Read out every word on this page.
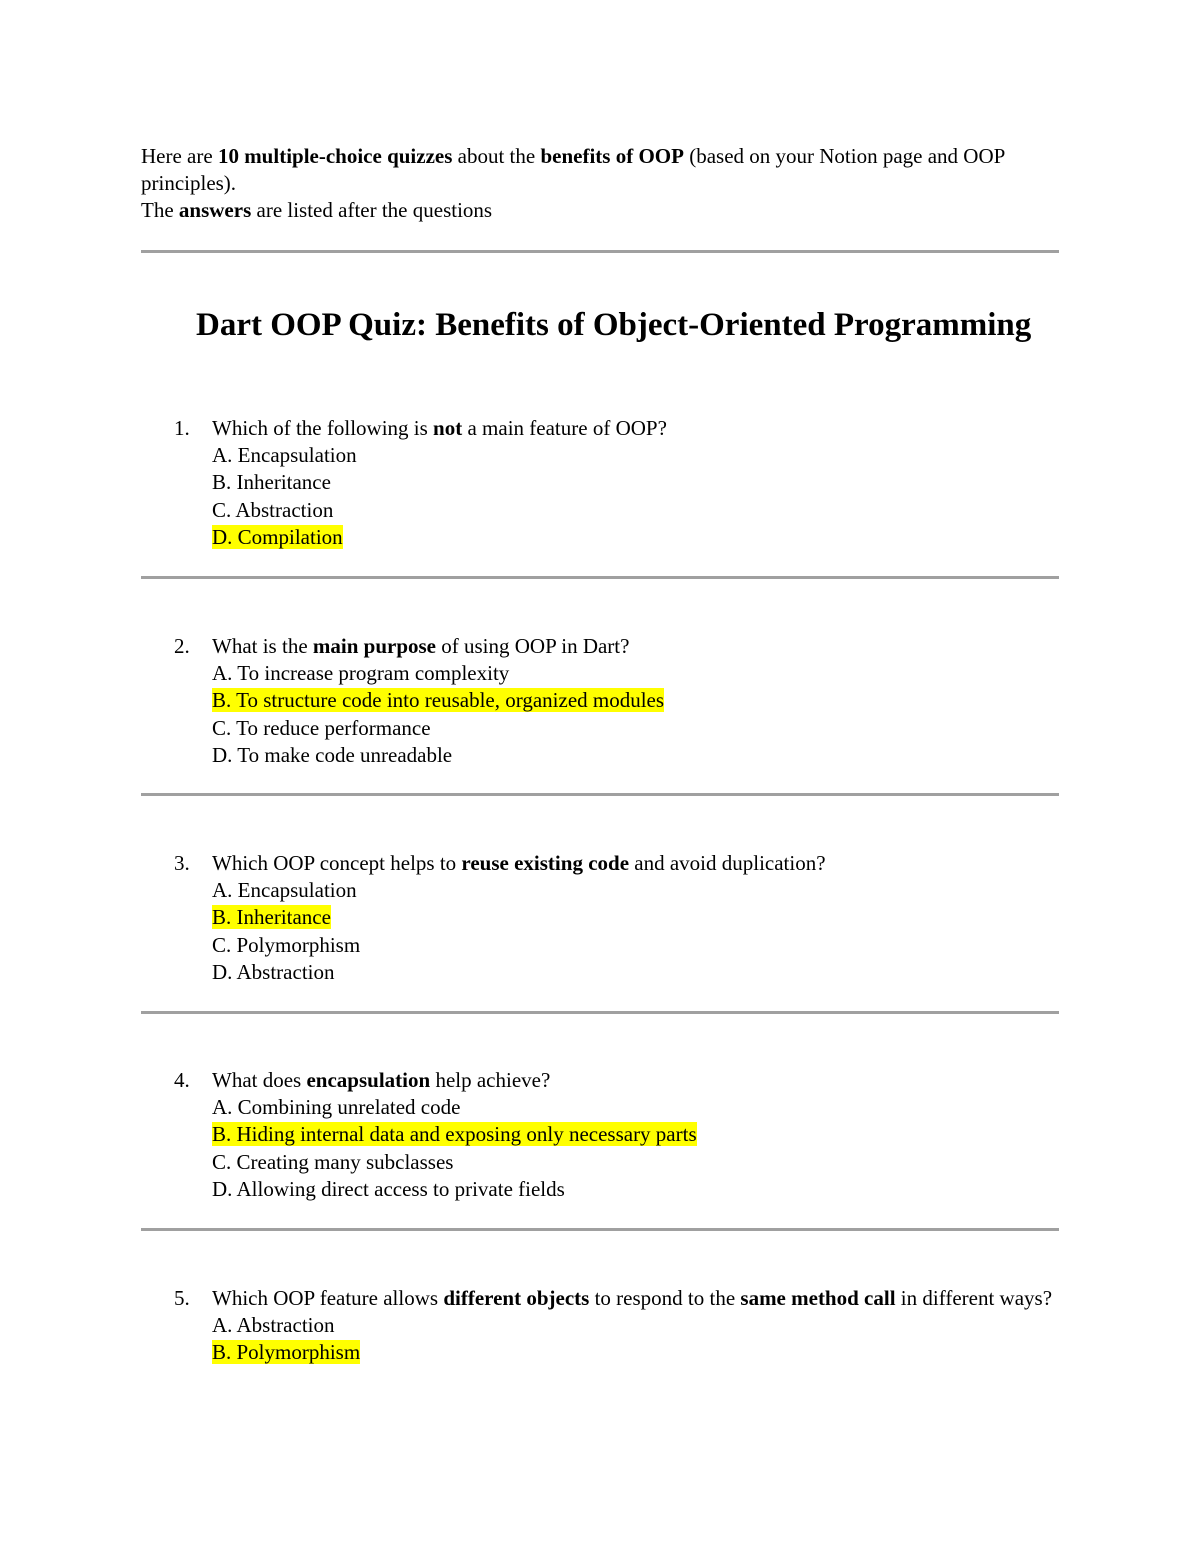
Here are 10 multiple-choice quizzes about the benefits of OOP (based on your Notion page and OOP principles).

The answers are listed after the questions

Dart OOP Quiz: Benefits of Object-Oriented Programming
1.	Which of the following is not a main feature of OOP?

A. Encapsulation
B. Inheritance
C. Abstraction
D. Compilation
2.	What is the main purpose of using OOP in Dart?

A. To increase program complexity
B. To structure code into reusable, organized modules
C. To reduce performance
D. To make code unreadable
3.	Which OOP concept helps to reuse existing code and avoid duplication?

A. Encapsulation
B. Inheritance
C. Polymorphism
D. Abstraction
4.	What does encapsulation help achieve?

A. Combining unrelated code
B. Hiding internal data and exposing only necessary parts
C. Creating many subclasses
D. Allowing direct access to private fields
5.	Which OOP feature allows different objects to respond to the same method call in different ways?

A. Abstraction
B. Polymorphism
